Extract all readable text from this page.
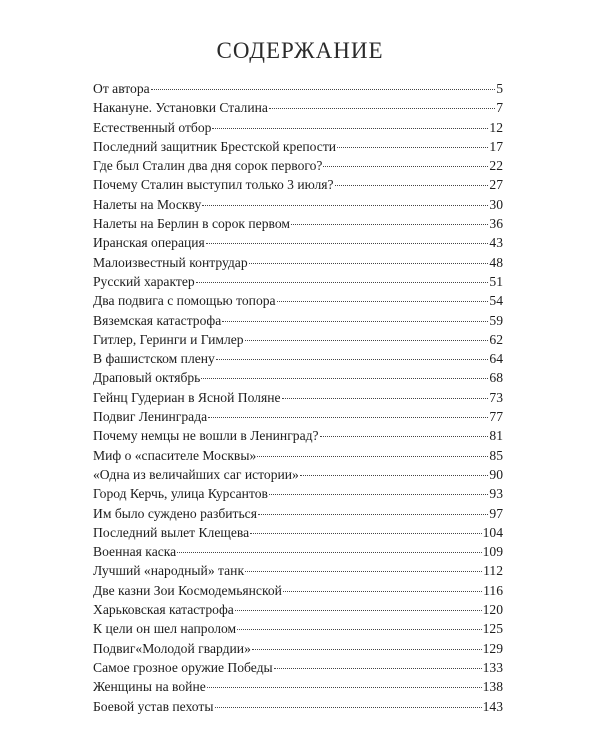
СОДЕРЖАНИЕ
От автора	5
Накануне. Установки Сталина	7
Естественный отбор	12
Последний защитник Брестской крепости	17
Где был Сталин два дня сорок первого?	22
Почему Сталин выступил только 3 июля?	27
Налеты на Москву	30
Налеты на Берлин в сорок первом	36
Иранская операция	43
Малоизвестный контрудар	48
Русский характер	51
Два подвига с помощью топора	54
Вяземская катастрофа	59
Гитлер, Геринги и Гимлер	62
В фашистском плену	64
Драповый октябрь	68
Гейнц Гудериан в Ясной Поляне	73
Подвиг Ленинграда	77
Почему немцы не вошли в Ленинград?	81
Миф о «спасителе Москвы»	85
«Одна из величайших саг истории»	90
Город Керчь, улица Курсантов	93
Им было суждено разбиться	97
Последний вылет Клещева	104
Военная каска	109
Лучший «народный» танк	112
Две казни Зои Космодемьянской	116
Харьковская катастрофа	120
К цели он шел напролом	125
Подвиг«Молодой гвардии»	129
Самое грозное оружие Победы	133
Женщины на войне	138
Боевой устав пехоты	143
